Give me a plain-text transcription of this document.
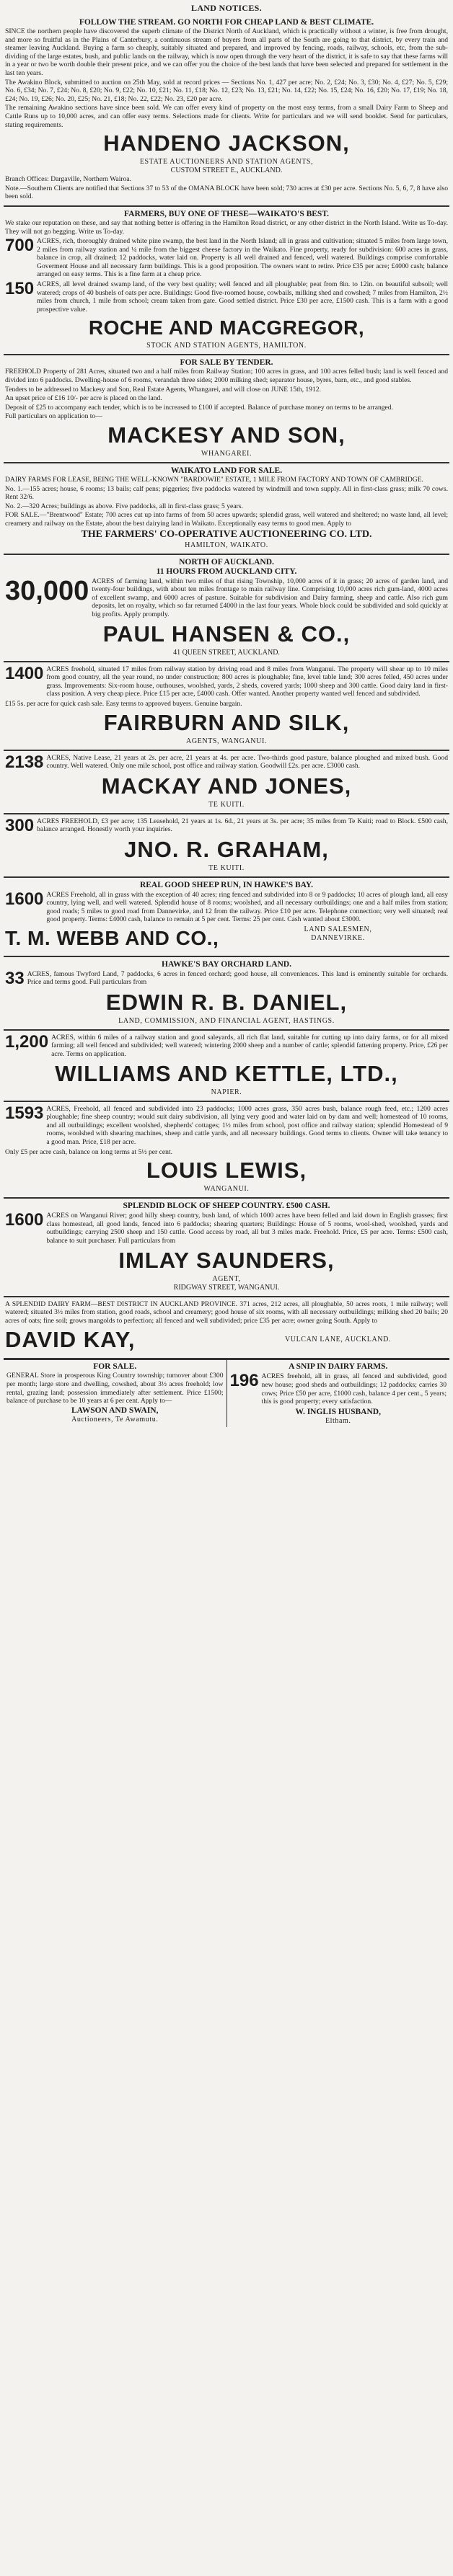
LAND NOTICES.
FOLLOW THE STREAM. GO NORTH FOR CHEAP LAND & BEST CLIMATE.
SINCE the northern people have discovered the superb climate of the District North of Auckland, which is practically without a winter, is free from drought, and more so fruitful as in the Plains of Canterbury, a continuous stream of buyers from all parts of the South are going to that district, by every train and steamer leaving Auckland. Buying a farm so cheaply, suitably situated and prepared, and improved by fencing, roads, railway, schools, etc, from the sub-dividing of the large estates, bush, and public lands on the railway, which is now open through the very heart of the district, it is safe to say that these farms will in a year or two be worth double their present price, and we can offer you the choice of the best lands that have been selected and prepared for settlement in the last ten years.
The Awakino Block, submitted to auction on 25th May, sold at record prices — Sections No. 1, 427 per acre; No. 2, £24; No. 3, £30; No. 4, £27; No. 5, £29; No. 6, £34; No. 7, £24; No. 8, £20; No. 9, £22; No. 10, £21; No. 11, £18; No. 12, £23; No. 13, £21; No. 14, £22; No. 15, £24; No. 16, £20; No. 17, £19; No. 18, £24; No. 19, £26; No. 20, £25; No. 21, £18; No. 22, £22; No. 23, £20 per acre.
The remaining Awakino sections have since been sold. We can offer every kind of property on the most easy terms, from a small Dairy Farm to Sheep and Cattle Runs up to 10,000 acres, and can offer easy terms. Selections made for clients. Write for particulars and we will send booklet. Send for particulars, stating requirements.
HANDENO JACKSON,
ESTATE AUCTIONEERS AND STATION AGENTS,
CUSTOM STREET E., AUCKLAND.
Branch Offices: Dargaville, Northern Wairoa.
Note.—Southern Clients are notified that Sections 37 to 53 of the OMANA BLOCK have been sold; 730 acres at £30 per acre. Sections No. 5, 6, 7, 8 have also been sold.
FARMERS, BUY ONE OF THESE—WAIKATO'S BEST.
We stake our reputation on these, and say that nothing better is offering in the Hamilton Road district, or any other district in the North Island. Write us To-day. They will not go begging. Write us To-day.
700 ACRES, rich, thoroughly drained white pine swamp, the best land in the North Island; all in grass and cultivation; situated 5 miles from large town, 2 miles from railway station and ¼ mile from the biggest cheese factory in the Waikato. Fine property, ready for subdivision: 600 acres in grass, balance in crop, all drained; 12 paddocks, water laid on. Property is all well drained and fenced, well watered. Buildings comprise comfortable Goverment House and all necessary farm buildings. This is a good proposition. The owners want to retire. Price £35 per acre; £4000 cash; balance arranged on easy terms. This is a fine farm at a cheap price.
150 ACRES, all level drained swamp land, of the very best quality; well fenced and all ploughable; peat from 8in. to 12in. on beautiful subsoil; well watered; crops of 40 bushels of oats per acre. Buildings: Good five-roomed house, cowbails, milking shed and cowshed; 7 miles from Hamilton, 2½ miles from church, 1 mile from school; cream taken from gate. Good settled district. Price £30 per acre, £1500 cash. This is a farm with a good prospective value.
ROCHE AND MACGREGOR,
STOCK AND STATION AGENTS, HAMILTON.
FOR SALE BY TENDER.
FREEHOLD Property of 281 Acres, situated two and a half miles from Railway Station; 100 acres in grass, and 100 acres felled bush; land is well fenced and divided into 6 paddocks. Dwelling-house of 6 rooms, verandah three sides; 2000 milking shed; separator house, byres, barn, etc., and good stables.
Tenders to be addressed to Mackesy and Son, Real Estate Agents, Whangarei, and will close on JUNE 15th, 1912.
An upset price of £16 10/- per acre is placed on the land.
Deposit of £25 to accompany each tender, which is to be increased to £100 if accepted. Balance of purchase money on terms to be arranged.
Full particulars on application to—
MACKESY AND SON,
WHANGAREI.
WAIKATO LAND FOR SALE.
DAIRY FARMS FOR LEASE, BEING THE WELL-KNOWN "BARDOWIE" ESTATE, 1 MILE FROM FACTORY AND TOWN OF CAMBRIDGE.
No. 1.—155 acres; house, 6 rooms; 13 bails; calf pens; piggeries; five paddocks watered by windmill and town supply. All in first-class grass; milk 70 cows. Rent 32/6.
No. 2.—320 Acres; buildings as above. Five paddocks, all in first-class grass; 5 years.
FOR SALE.—"Brentwood" Estate; 700 acres cut up into farms of from 50 acres upwards; splendid grass, well watered and sheltered; no waste land, all level; creamery and railway on the Estate, about the best dairying land in Waikato. Exceptionally easy terms to good men. Apply to
THE FARMERS' CO-OPERATIVE AUCTIONEERING CO. LTD.
HAMILTON, WAIKATO.
NORTH OF AUCKLAND.
11 HOURS FROM AUCKLAND CITY.
30,000 ACRES of farming land, within two miles of that rising Township, 10,000 acres of it in grass; 20 acres of garden land, and twenty-four buildings, with about ten miles frontage to main railway line. Comprising 10,000 acres rich gum-land, 4000 acres of excellent swamp, and 6000 acres of pasture. Suitable for subdivision and Dairy farming, sheep and cattle. Also rich gum deposits, let on royalty, which so far returned £4000 in the last four years. Whole block could be subdivided and sold quickly at big profits. Apply promptly.
PAUL HANSEN & CO.,
41 QUEEN STREET, AUCKLAND.
1400 ACRES freehold, situated 17 miles from railway station by driving road and 8 miles from Wanganui. The property will shear up to 10 miles from good country, all the year round, no under construction; 800 acres is ploughable; fine, level table land; 300 acres felled, 450 acres under grass. Improvements: Six-room house, outhouses, woolshed, yards, 2 sheds, covered yards; 1000 sheep and 300 cattle. Good dairy land in first-class position. A very cheap piece. Price £15 per acre, £4000 cash. Offer wanted. Another property wanted well fenced and subdivided.
£15 5s. per acre for quick cash sale. Easy terms to approved buyers. Genuine bargain.
FAIRBURN AND SILK,
AGENTS, WANGANUI.
2138 ACRES, Native Lease, 21 years at 2s. per acre, 21 years at 4s. per acre. Two-thirds good pasture, balance ploughed and mixed bush. Good country. Well watered. Only one mile school, post office and railway station. Goodwill £2s. per acre. £3000 cash.
MACKAY AND JONES,
TE KUITI.
300 ACRES FREEHOLD, £3 per acre; 135 Leasehold, 21 years at 1s. 6d., 21 years at 3s. per acre; 35 miles from Te Kuiti; road to Block. £500 cash, balance arranged. Honestly worth your inquiries.
JNO. R. GRAHAM,
TE KUITI.
REAL GOOD SHEEP RUN, IN HAWKE'S BAY.
1600 ACRES Freehold, all in grass with the exception of 40 acres; ring fenced and subdivided into 8 or 9 paddocks; 10 acres of plough land, all easy country, lying well, and well watered. Splendid house of 8 rooms; woolshed, and all necessary outbuildings; one and a half miles from station; good roads; 5 miles to good road from Dannevirke, and 12 from the railway. Price £10 per acre. Telephone connection; very well situated; real good property. Terms: £4000 cash, balance to remain at 5 per cent. Terms: 25 per cent. Cash wanted about £3000.
T. M. WEBB AND CO.,	LAND SALESMEN,
DANNEVIRKE.
HAWKE'S BAY ORCHARD LAND.
33 ACRES, famous Twyford Land, 7 paddocks, 6 acres in fenced orchard; good house, all conveniences. This land is eminently suitable for orchards. Price and terms good. Full particulars from
EDWIN R. B. DANIEL,
LAND, COMMISSION, AND FINANCIAL AGENT, HASTINGS.
1,200 ACRES, within 6 miles of a railway station and good saleyards, all rich flat land, suitable for cutting up into dairy farms, or for all mixed farming; all well fenced and subdivided; well watered; wintering 2000 sheep and a number of cattle; splendid fattening property. Price, £26 per acre. Terms on application.
WILLIAMS AND KETTLE, LTD.,
NAPIER.
1593 ACRES, Freehold, all fenced and subdivided into 23 paddocks; 1000 acres grass, 350 acres bush, balance rough feed, etc.; 1200 acres ploughable; fine sheep country; would suit dairy subdivision, all lying very good and water laid on by dam and well; homestead of 10 rooms, and all outbuildings; excellent woolshed, shepherds' cottages; 1½ miles from school, post office and railway station; splendid Homestead of 9 rooms, woolshed with shearing machines, sheep and cattle yards, and all necessary buildings. Good terms to clients. Owner will take tenancy to a good man. Price, £18 per acre.
Only £5 per acre cash, balance on long terms at 5½ per cent.
LOUIS LEWIS,
WANGANUI.
SPLENDID BLOCK OF SHEEP COUNTRY. £500 CASH.
1600 ACRES on Wanganui River; good hilly sheep country, bush land, of which 1000 acres have been felled and laid down in English grasses; first class homestead, all good lands, fenced into 6 paddocks; shearing quarters; Buildings: House of 5 rooms, wool-shed, woolshed, yards and outbuildings; carrying 2500 sheep and 150 cattle. Good access by road, all but 3 miles made. Freehold. Price, £5 per acre. Terms: £500 cash, balance to suit purchaser. Full particulars from
IMLAY SAUNDERS,
AGENT,
RIDGWAY STREET, WANGANUI.
A SPLENDID DAIRY FARM—BEST DISTRICT IN AUCKLAND PROVINCE. 371 acres, 212 acres, all ploughable, 50 acres roots, 1 mile railway; well watered; situated 3½ miles from station, good roads, school and creamery; good house of six rooms, with all necessary outbuildings; milking shed 20 bails; 20 acres of oats; fine soil; grows mangolds to perfection; all fenced and well subdivided; price £35 per acre; owner going South. Apply to
DAVID KAY,	VULCAN LANE, AUCKLAND.
FOR SALE.
GENERAL Store in prosperous King Country township; turnover about £300 per month; large store and dwelling, cowshed, about 3½ acres freehold; low rental, grazing land; possession immediately after settlement. Price £1500; balance of purchase to be 10 years at 6 per cent. Apply to—
LAWSON AND SWAIN,
Auctioneers, Te Awamutu.
A SNIP IN DAIRY FARMS.
196 ACRES freehold, all in grass, all fenced and subdivided, good new house; good sheds and outbuildings; 12 paddocks; carries 30 cows; Price £50 per acre, £1000 cash, balance 4 per cent., 5 years; this is good property; every satisfaction.
W. INGLIS HUSBAND,
Eltham.
